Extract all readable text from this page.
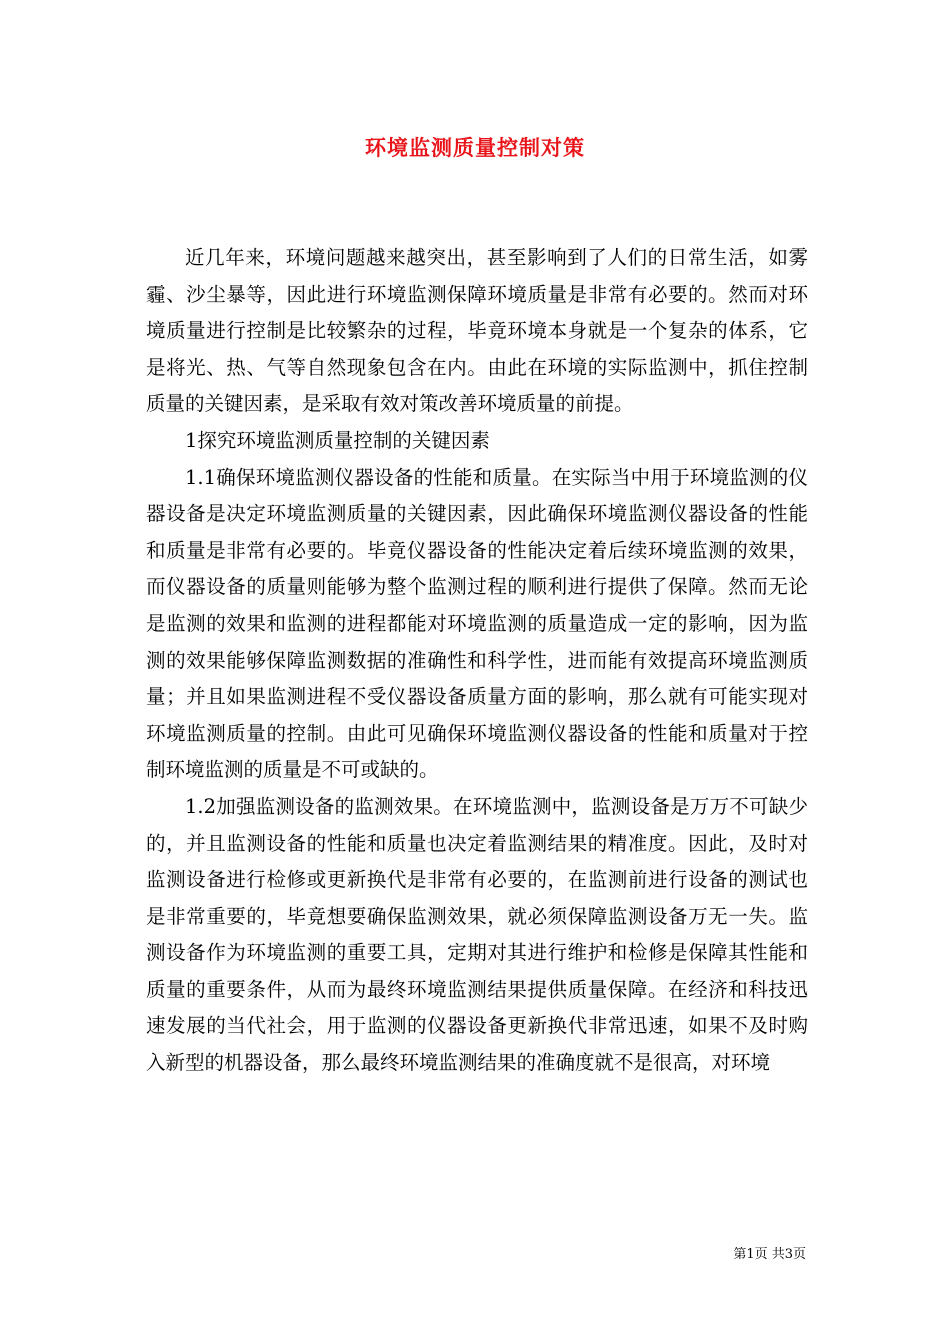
环境监测质量控制对策

近几年来，环境问题越来越突出，甚至影响到了人们的日常生活，如雾霾、沙尘暴等，因此进行环境监测保障环境质量是非常有必要的。然而对环境质量进行控制是比较繁杂的过程，毕竟环境本身就是一个复杂的体系，它是将光、热、气等自然现象包含在内。由此在环境的实际监测中，抓住控制质量的关键因素，是采取有效对策改善环境质量的前提。

1探究环境监测质量控制的关键因素

1.1确保环境监测仪器设备的性能和质量。在实际当中用于环境监测的仪器设备是决定环境监测质量的关键因素，因此确保环境监测仪器设备的性能和质量是非常有必要的。毕竟仪器设备的性能决定着后续环境监测的效果，而仪器设备的质量则能够为整个监测过程的顺利进行提供了保障。然而无论是监测的效果和监测的进程都能对环境监测的质量造成一定的影响，因为监测的效果能够保障监测数据的准确性和科学性，进而能有效提高环境监测质量；并且如果监测进程不受仪器设备质量方面的影响，那么就有可能实现对环境监测质量的控制。由此可见确保环境监测仪器设备的性能和质量对于控制环境监测的质量是不可或缺的。

1.2加强监测设备的监测效果。在环境监测中，监测设备是万万不可缺少的，并且监测设备的性能和质量也决定着监测结果的精准度。因此，及时对监测设备进行检修或更新换代是非常有必要的，在监测前进行设备的测试也是非常重要的，毕竟想要确保监测效果，就必须保障监测设备万无一失。监测设备作为环境监测的重要工具，定期对其进行维护和检修是保障其性能和质量的重要条件，从而为最终环境监测结果提供质量保障。在经济和科技迅速发展的当代社会，用于监测的仪器设备更新换代非常迅速，如果不及时购入新型的机器设备，那么最终环境监测结果的准确度就不是很高，对环境

第1页 共3页
